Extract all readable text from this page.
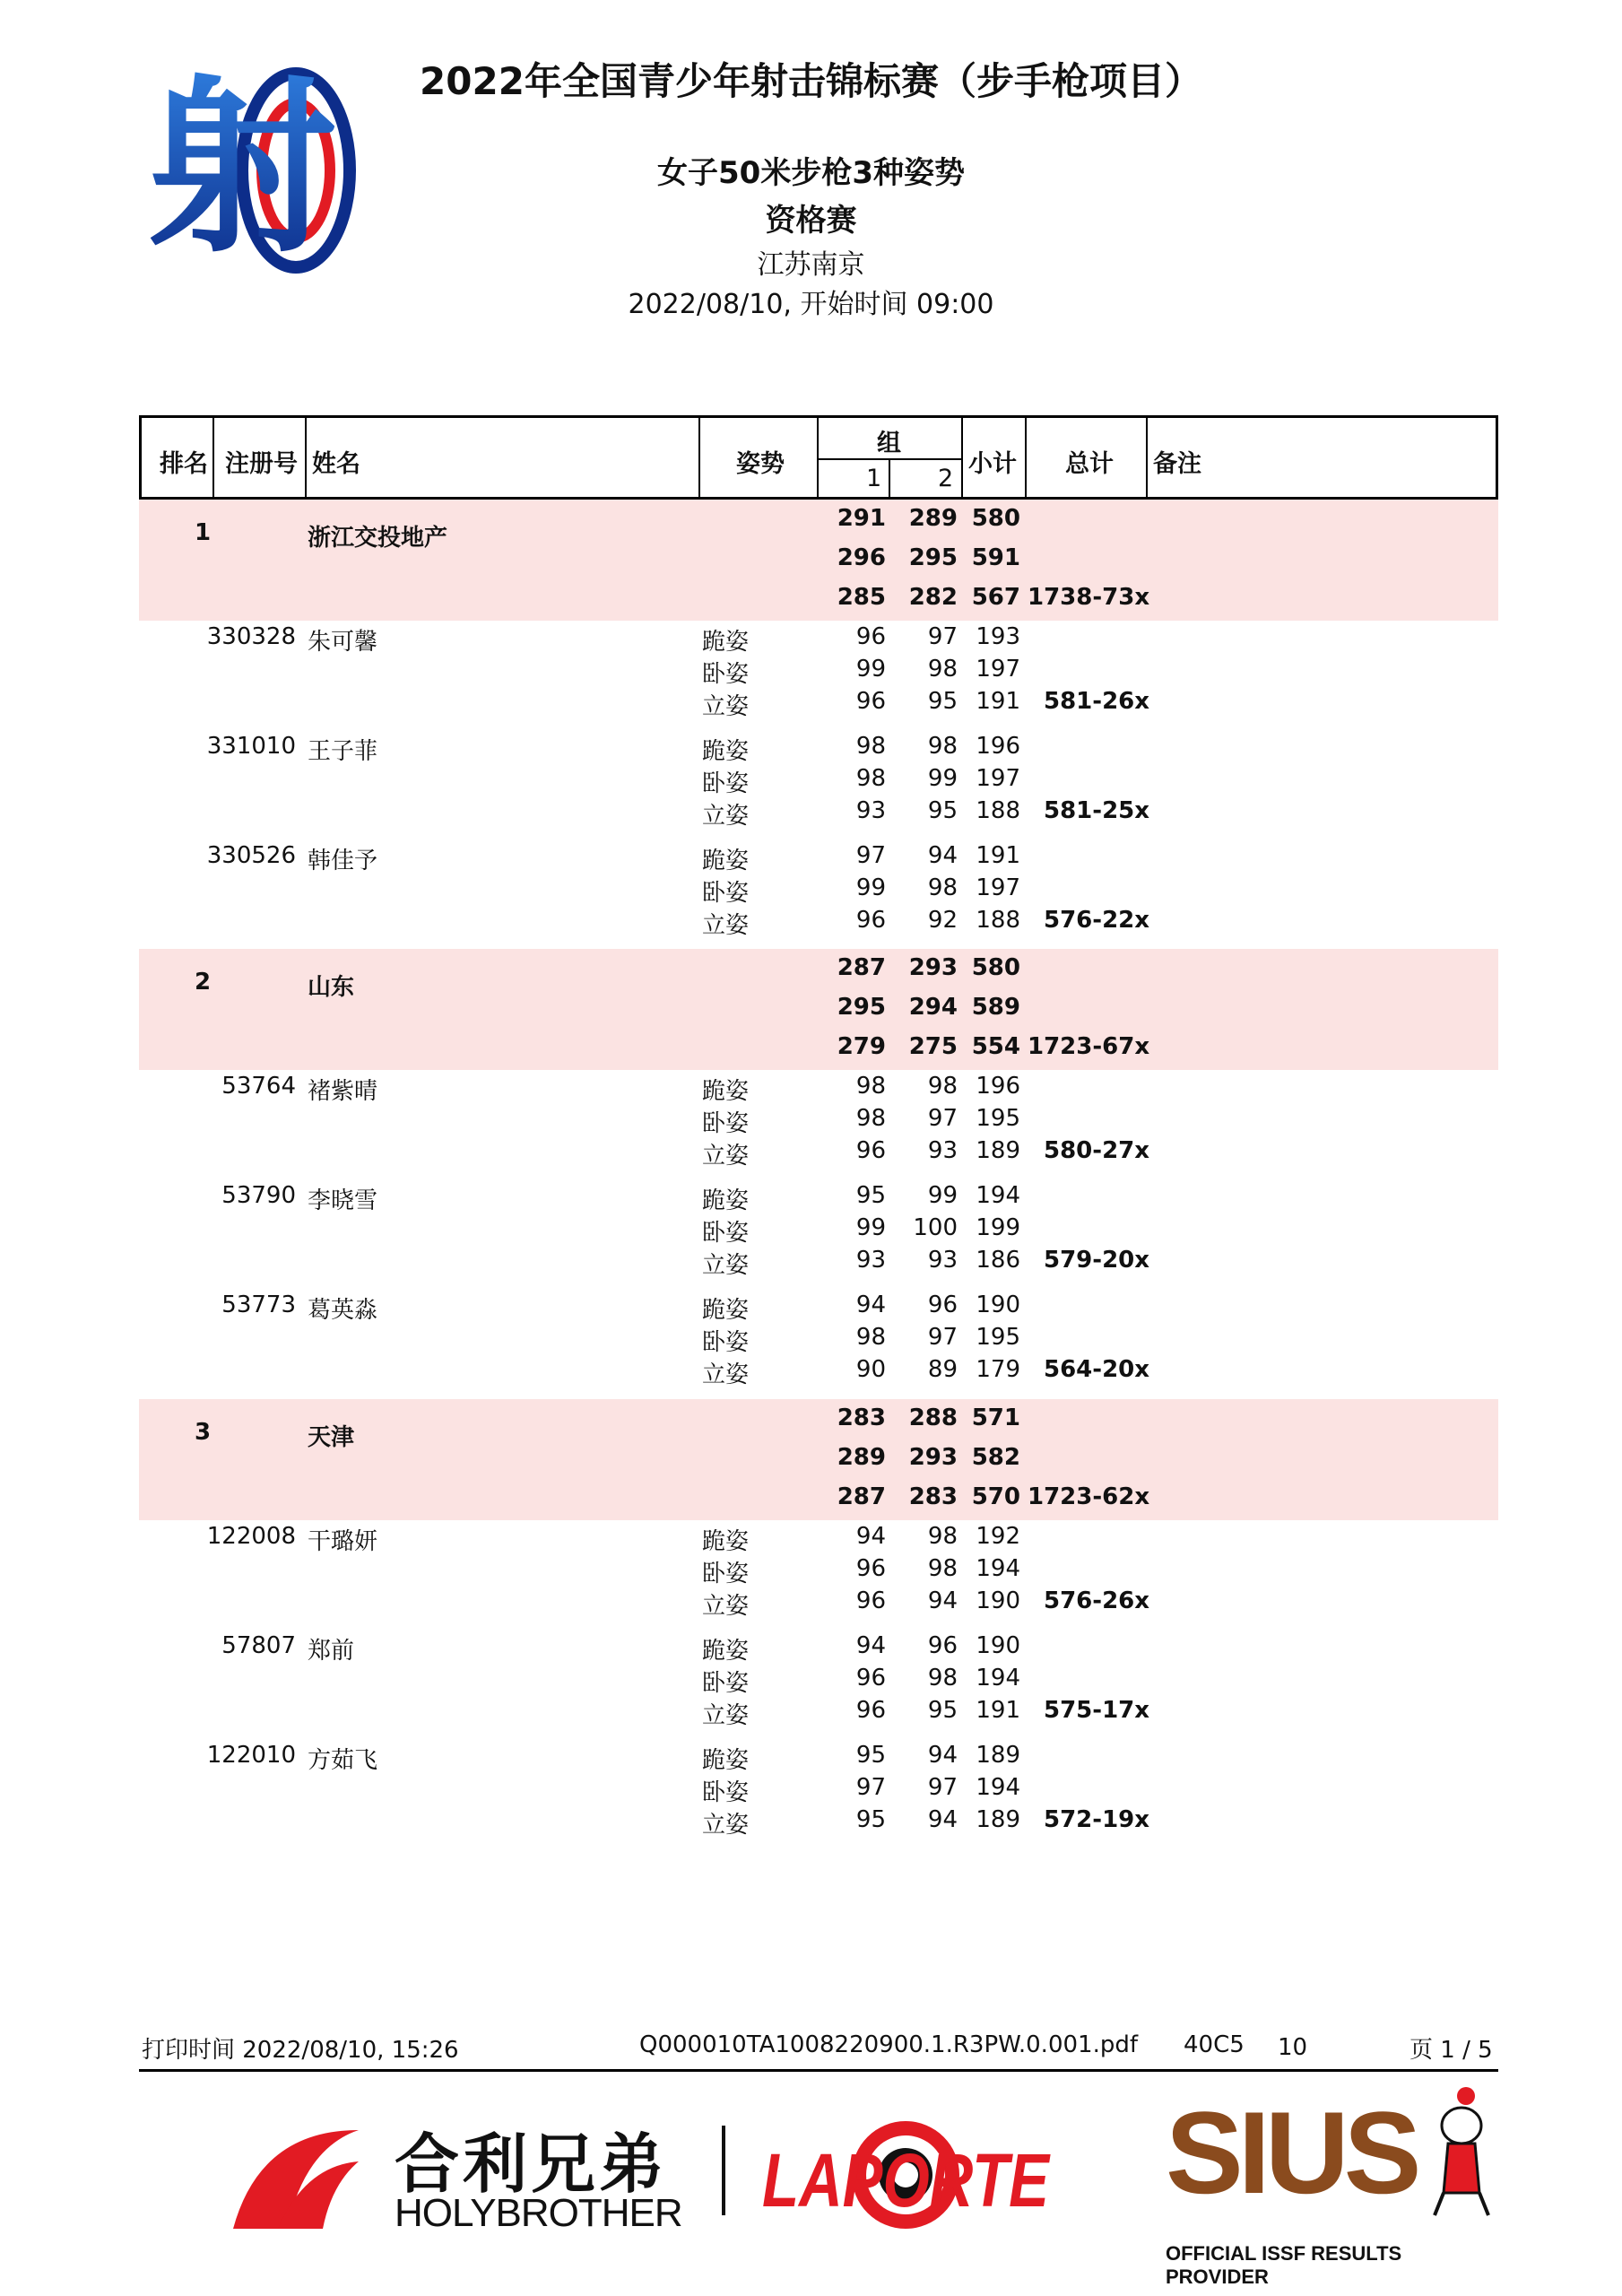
射	2022年全国青少年射击锦标赛（步手枪项目）
女子50米步枪3种姿势
资格赛
江苏南京
2022/08/10, 开始时间 09:00
排名 注册号 姓名	姿势
组
1 2
小计 总计 备注
1	浙江交投地产
291 289 580
296 295 591
285 282 567 1738-73x
330328 朱可馨	跪姿	96 97 193
卧姿	99 98 197
立姿	96 95 191 581-26x
331010 王子菲	跪姿	98 98 196
卧姿	98 99 197
立姿	93 95 188 581-25x
330526 韩佳予	跪姿	97 94 191
卧姿	99 98 197
立姿	96 92 188 576-22x
2	山东
287 293 580
295 294 589
279 275 554 1723-67x
53764 褚紫晴	跪姿	98 98 196
卧姿	98 97 195
立姿	96 93 189 580-27x
53790 李晓雪	跪姿	95 99 194
卧姿	99 100 199
立姿	93 93 186 579-20x
53773 葛英淼	跪姿	94 96 190
卧姿	98 97 195
立姿	90 89 179 564-20x
3	天津
283 288 571
289 293 582
287 283 570 1723-62x
122008 干璐妍	跪姿	94 98 192
卧姿	96 98 194
立姿	96 94 190 576-26x
57807 郑前	跪姿	94 96 190
卧姿	96 98 194
立姿	96 95 191 575-17x
122010 方茹飞	跪姿	95 94 189
卧姿	97 97 194
立姿	95 94 189 572-19x
打印时间 2022/08/10, 15:26	Q000010TA1008220900.1.R3PW.0.001.pdf 40C5 10	页 1 / 5
合利兄弟
HOLYBROTHER LAPORTE SIUS
OFFICIAL ISSF RESULTS PROVIDER
